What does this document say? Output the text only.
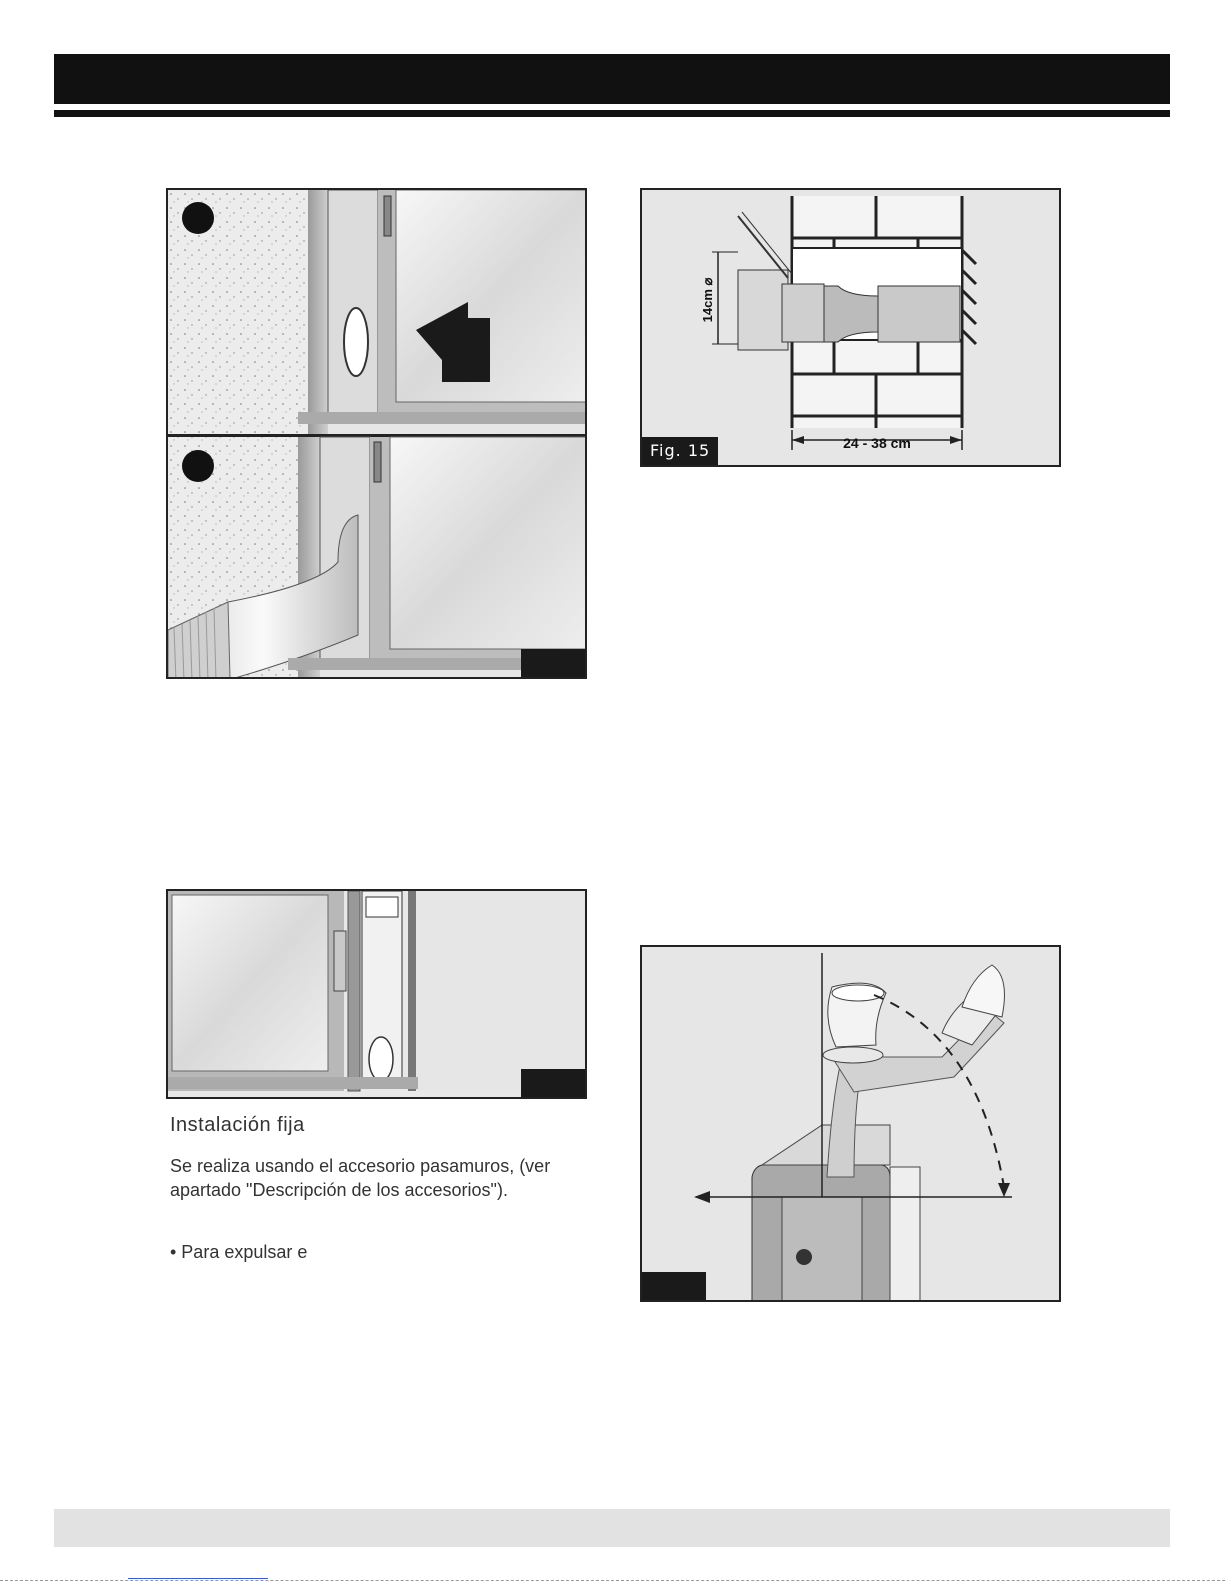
24 - 38 cm
14cm ⌀
Fig. 15
Instalación fija
Se realiza usando el accesorio pasamuros, (ver apartado "Descripción de los accesorios").
• Para expulsar e
